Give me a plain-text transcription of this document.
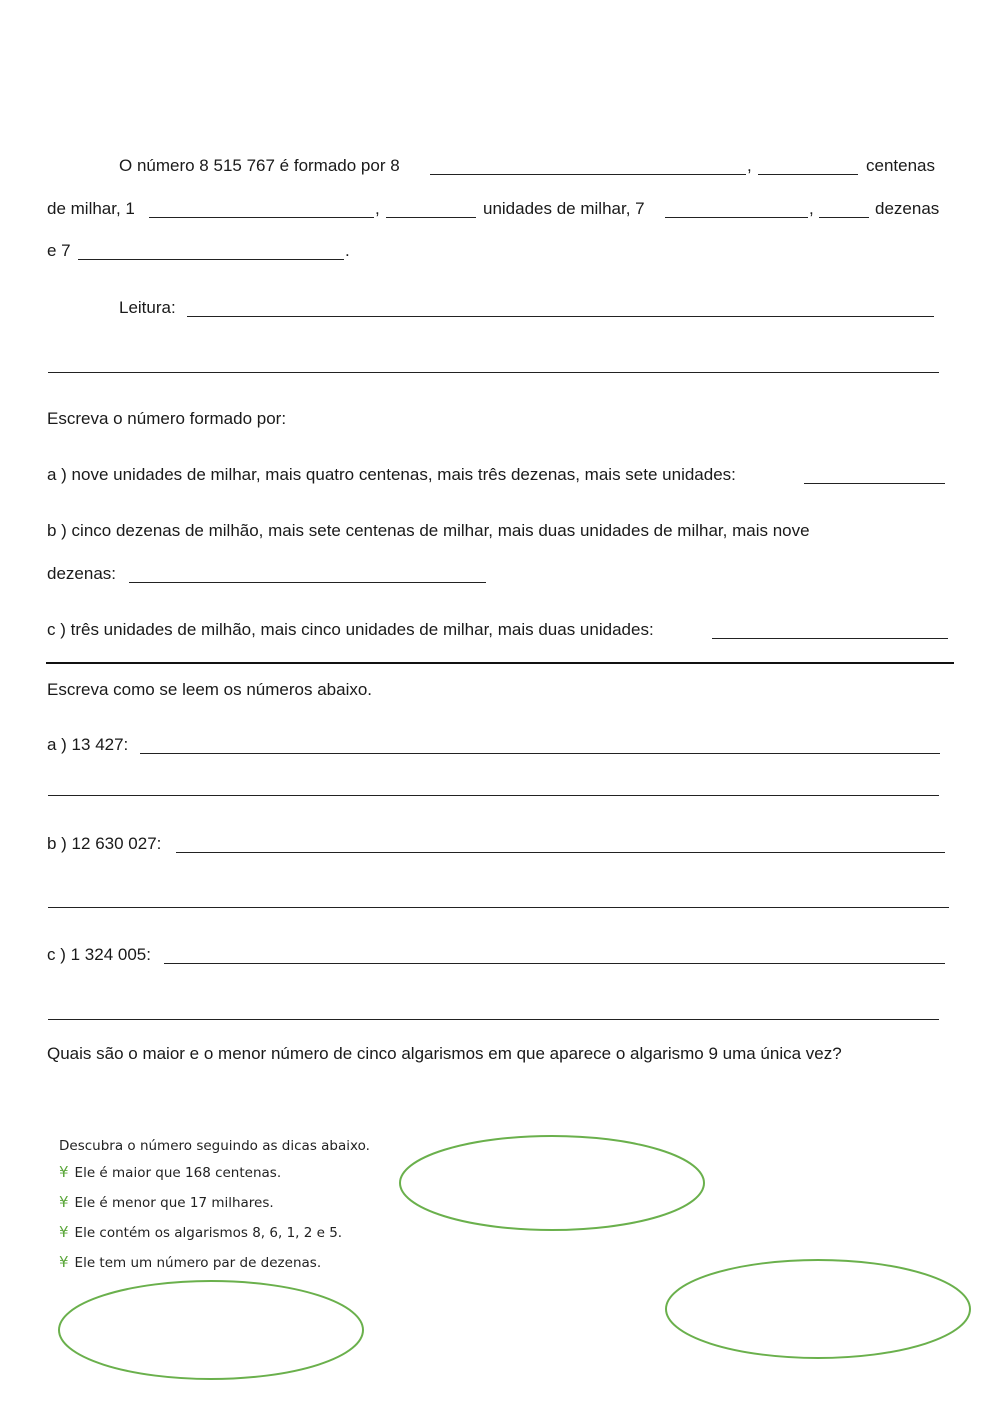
O número 8 515 767 é formado por 8	,	centenas
de milhar, 1	,	unidades de milhar, 7	,	dezenas
e 7	.
Leitura:
Escreva o número formado por:
a ) nove unidades de milhar, mais quatro centenas, mais três dezenas, mais sete unidades:
b ) cinco dezenas de milhão, mais sete centenas de milhar, mais duas unidades de milhar, mais nove
dezenas:
c ) três unidades de milhão, mais cinco unidades de milhar, mais duas unidades:
Escreva como se leem os números abaixo.
a ) 13 427:
b ) 12 630 027:
c ) 1 324 005:
Quais são o maior e o menor número de cinco algarismos em que aparece o algarismo 9 uma única vez?
Descubra o número seguindo as dicas abaixo.
¥ Ele é maior que 168 centenas.
¥ Ele é menor que 17 milhares.
¥ Ele contém os algarismos 8, 6, 1, 2 e 5.
¥ Ele tem um número par de dezenas.
